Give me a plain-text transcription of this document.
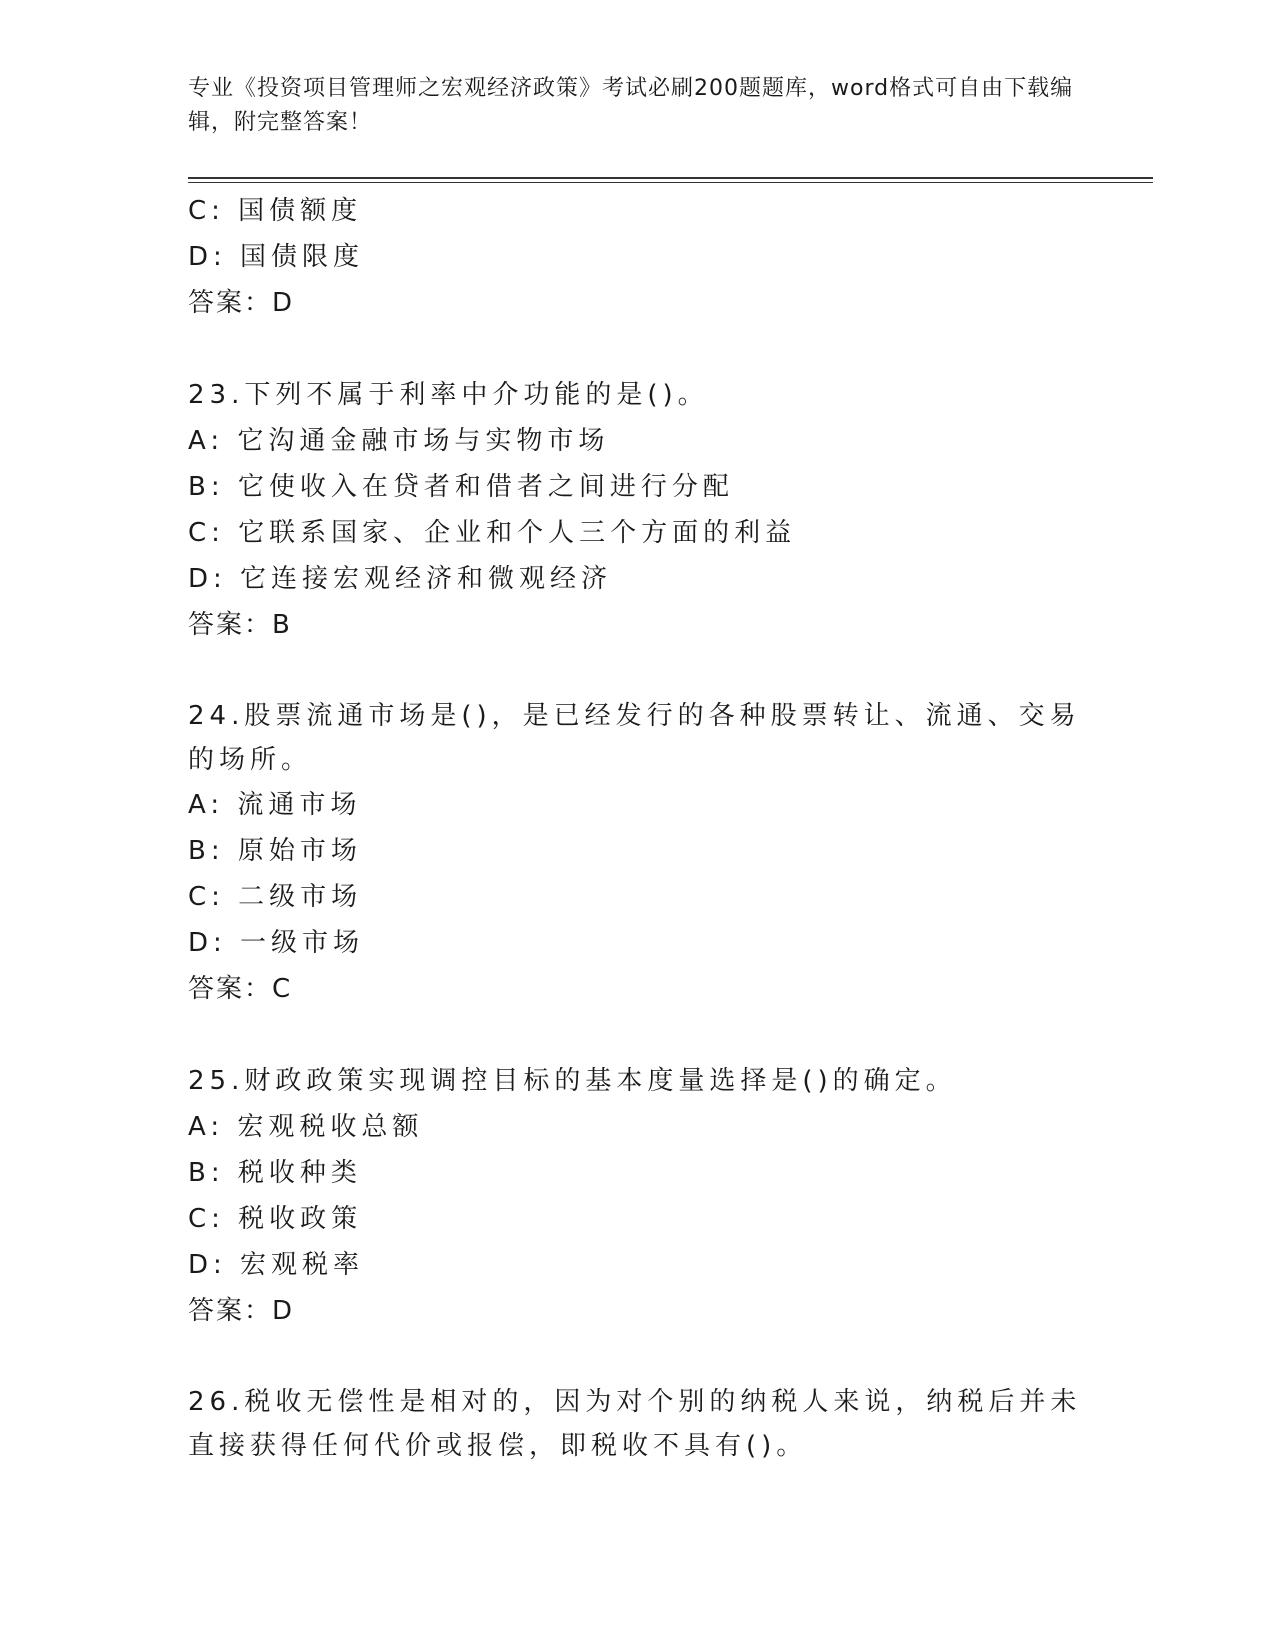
专业《投资项目管理师之宏观经济政策》考试必刷200题题库，word格式可自由下载编辑，附完整答案！
C: 国债额度
D: 国债限度
答案：D
23.下列不属于利率中介功能的是()。
A: 它沟通金融市场与实物市场
B: 它使收入在贷者和借者之间进行分配
C: 它联系国家、企业和个人三个方面的利益
D: 它连接宏观经济和微观经济
答案：B
24.股票流通市场是()，是已经发行的各种股票转让、流通、交易的场所。
A: 流通市场
B: 原始市场
C: 二级市场
D: 一级市场
答案：C
25.财政政策实现调控目标的基本度量选择是()的确定。
A: 宏观税收总额
B: 税收种类
C: 税收政策
D: 宏观税率
答案：D
26.税收无偿性是相对的，因为对个别的纳税人来说，纳税后并未直接获得任何代价或报偿，即税收不具有()。
